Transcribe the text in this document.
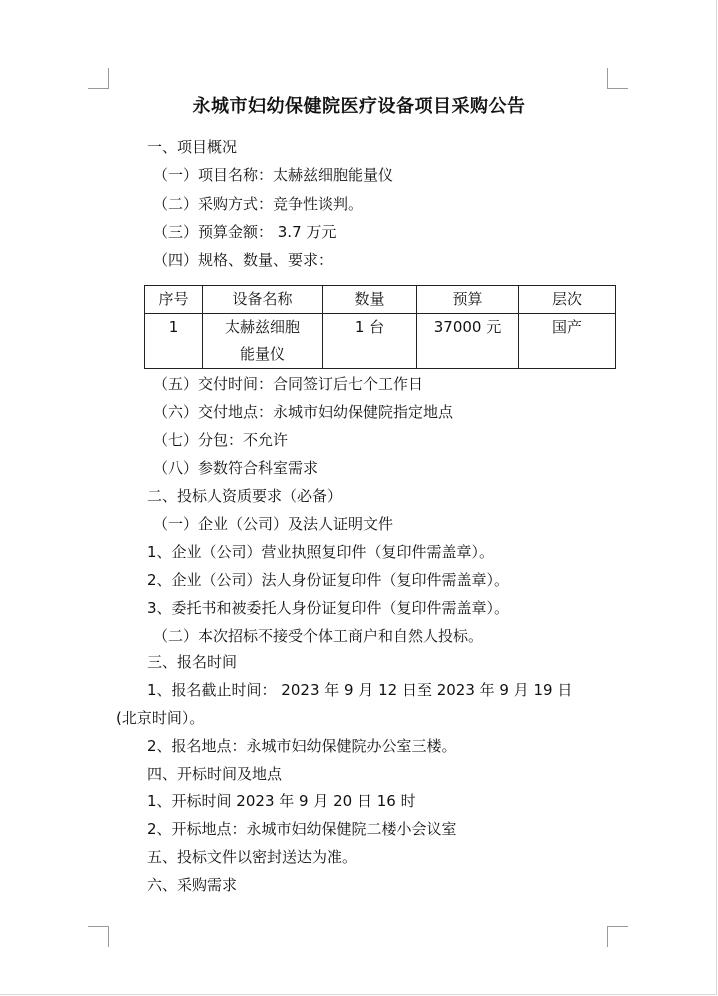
永城市妇幼保健院医疗设备项目采购公告
一、项目概况
（一）项目名称：太赫兹细胞能量仪
（二）采购方式：竞争性谈判。
（三）预算金额： 3.7 万元
（四）规格、数量、要求：
序号	设备名称	数量	预算	层次
1	太赫兹细胞能量仪	1 台	37000 元	国产
（五）交付时间：合同签订后七个工作日
（六）交付地点：永城市妇幼保健院指定地点
（七）分包：不允许
（八）参数符合科室需求
二、投标人资质要求（必备）
（一）企业（公司）及法人证明文件
1、企业（公司）营业执照复印件（复印件需盖章）。
2、企业（公司）法人身份证复印件（复印件需盖章）。
3、委托书和被委托人身份证复印件（复印件需盖章）。
（二）本次招标不接受个体工商户和自然人投标。
三、报名时间
1、报名截止时间： 2023 年 9 月 12 日至 2023 年 9 月 19 日
(北京时间）。
2、报名地点：永城市妇幼保健院办公室三楼。
四、开标时间及地点
1、开标时间 2023 年 9 月 20 日 16 时
2、开标地点：永城市妇幼保健院二楼小会议室
五、投标文件以密封送达为准。
六、采购需求
